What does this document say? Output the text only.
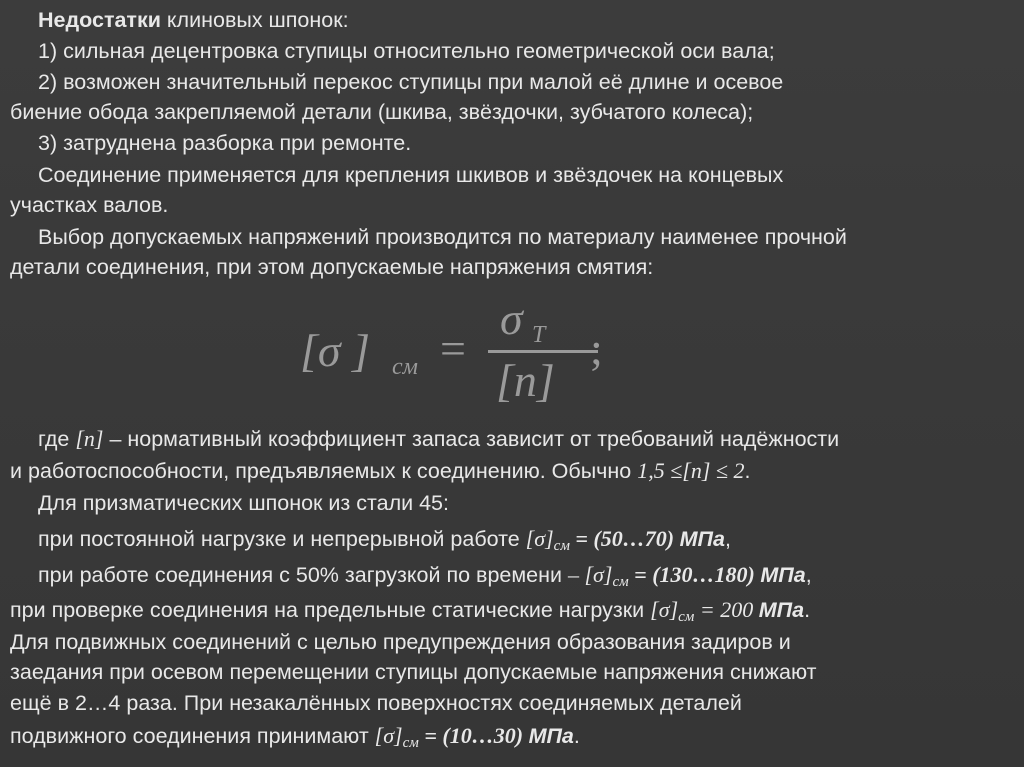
Недостатки клиновых шпонок:
1) сильная децентровка ступицы относительно геометрической оси вала;
2) возможен значительный перекос ступицы при малой её длине и осевое
биение обода закрепляемой детали (шкива, звёздочки, зубчатого колеса);
3) затруднена разборка при ремонте.
Соединение применяется для крепления шкивов и звёздочек на концевых
участках валов.
Выбор допускаемых напряжений производится по материалу наименее прочной
детали соединения, при этом допускаемые напряжения смятия:
[σ ] см =
σ T
[n]
;
где [n] – нормативный коэффициент запаса зависит от требований надёжности
и работоспособности, предъявляемых к соединению. Обычно 1,5 ≤[n] ≤ 2.
Для призматических шпонок из стали 45:
при постоянной нагрузке и непрерывной работе [σ]см = (50…70) МПа,
при работе соединения с 50% загрузкой по времени – [σ]см = (130…180) МПа,
при проверке соединения на предельные статические нагрузки [σ]см = 200 МПа.
Для подвижных соединений с целью предупреждения образования задиров и
заедания при осевом перемещении ступицы допускаемые напряжения снижают
ещё в 2…4 раза. При незакалённых поверхностях соединяемых деталей
подвижного соединения принимают [σ]см = (10…30) МПа.
